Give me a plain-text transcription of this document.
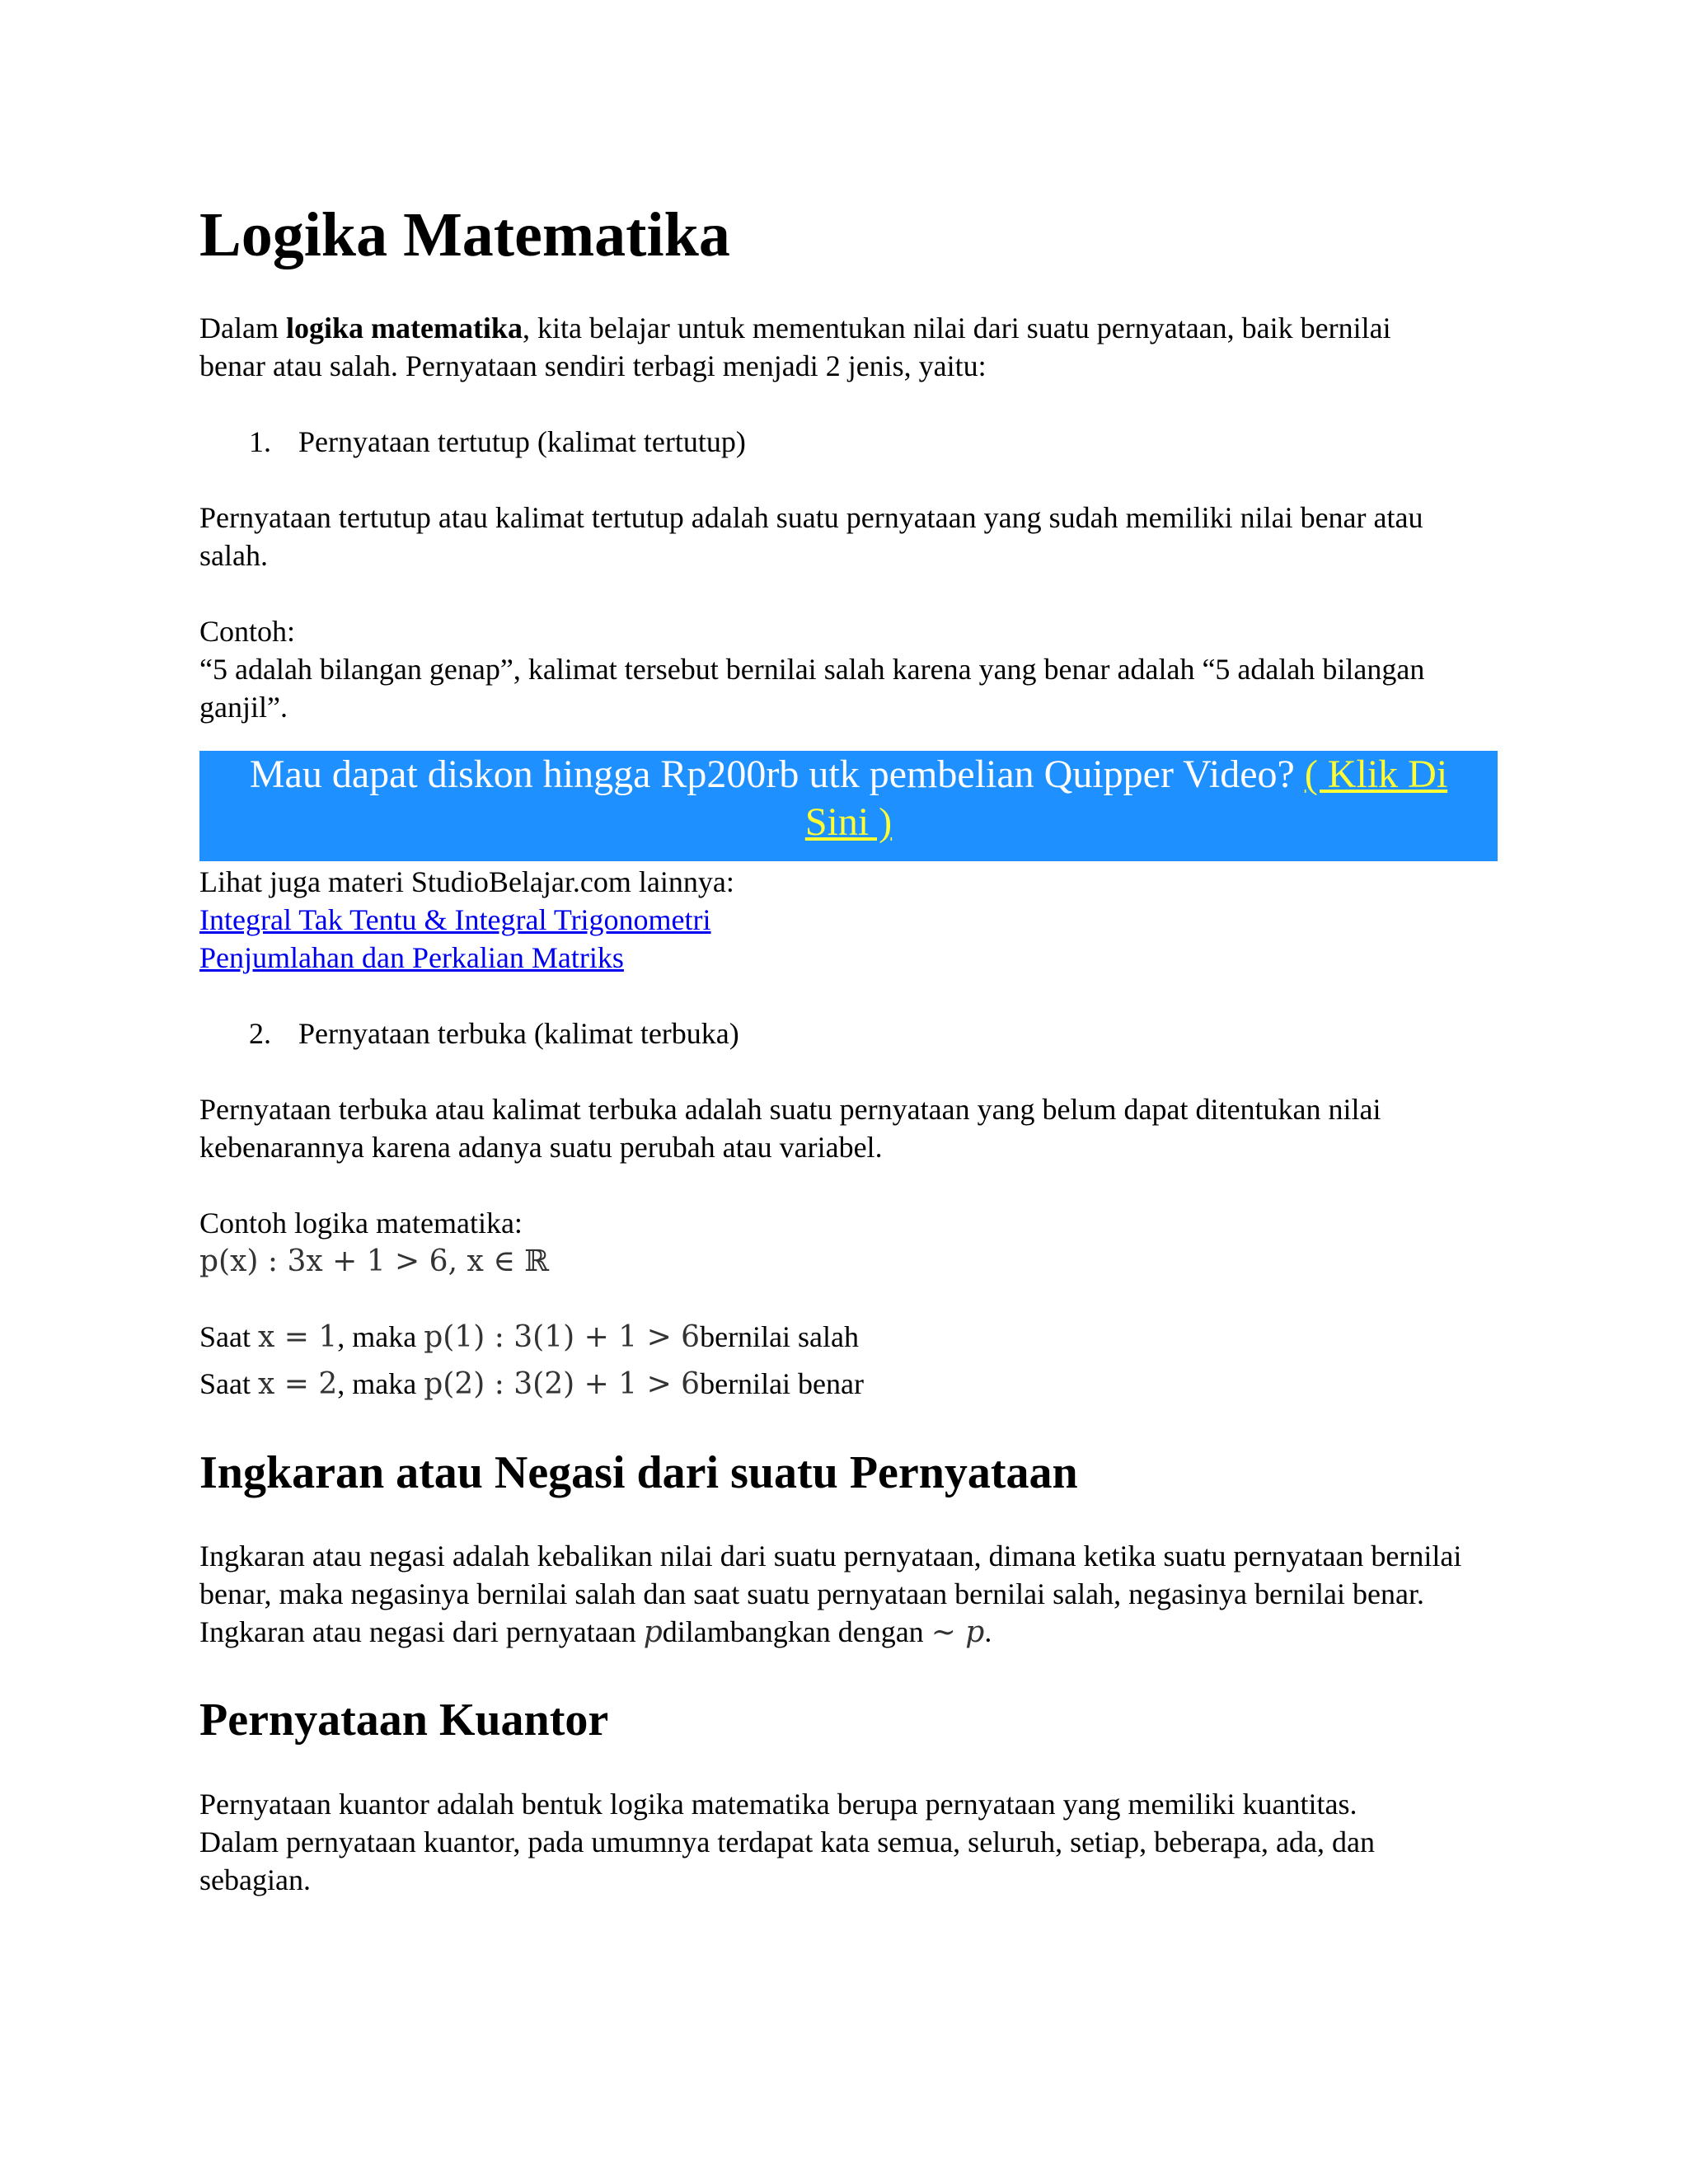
Logika Matematika

Dalam logika matematika, kita belajar untuk mementukan nilai dari suatu pernyataan, baik bernilai benar atau salah. Pernyataan sendiri terbagi menjadi 2 jenis, yaitu:

1. Pernyataan tertutup (kalimat tertutup)

Pernyataan tertutup atau kalimat tertutup adalah suatu pernyataan yang sudah memiliki nilai benar atau salah.

Contoh:

“5 adalah bilangan genap”, kalimat tersebut bernilai salah karena yang benar adalah “5 adalah bilangan ganjil”.

Mau dapat diskon hingga Rp200rb utk pembelian Quipper Video? ( Klik Di Sini )

Lihat juga materi StudioBelajar.com lainnya:

Integral Tak Tentu & Integral Trigonometri

Penjumlahan dan Perkalian Matriks

2. Pernyataan terbuka (kalimat terbuka)

Pernyataan terbuka atau kalimat terbuka adalah suatu pernyataan yang belum dapat ditentukan nilai kebenarannya karena adanya suatu perubah atau variabel.

Contoh logika matematika:

p(x) : 3x + 1 > 6, x ∈ ℝ

Saat x = 1, maka p(1) : 3(1) + 1 > 6bernilai salah

Saat x = 2, maka p(2) : 3(2) + 1 > 6bernilai benar

Ingkaran atau Negasi dari suatu Pernyataan

Ingkaran atau negasi adalah kebalikan nilai dari suatu pernyataan, dimana ketika suatu pernyataan bernilai benar, maka negasinya bernilai salah dan saat suatu pernyataan bernilai salah, negasinya bernilai benar. Ingkaran atau negasi dari pernyataan pdilambangkan dengan ~ p.

Pernyataan Kuantor

Pernyataan kuantor adalah bentuk logika matematika berupa pernyataan yang memiliki kuantitas. Dalam pernyataan kuantor, pada umumnya terdapat kata semua, seluruh, setiap, beberapa, ada, dan sebagian.
